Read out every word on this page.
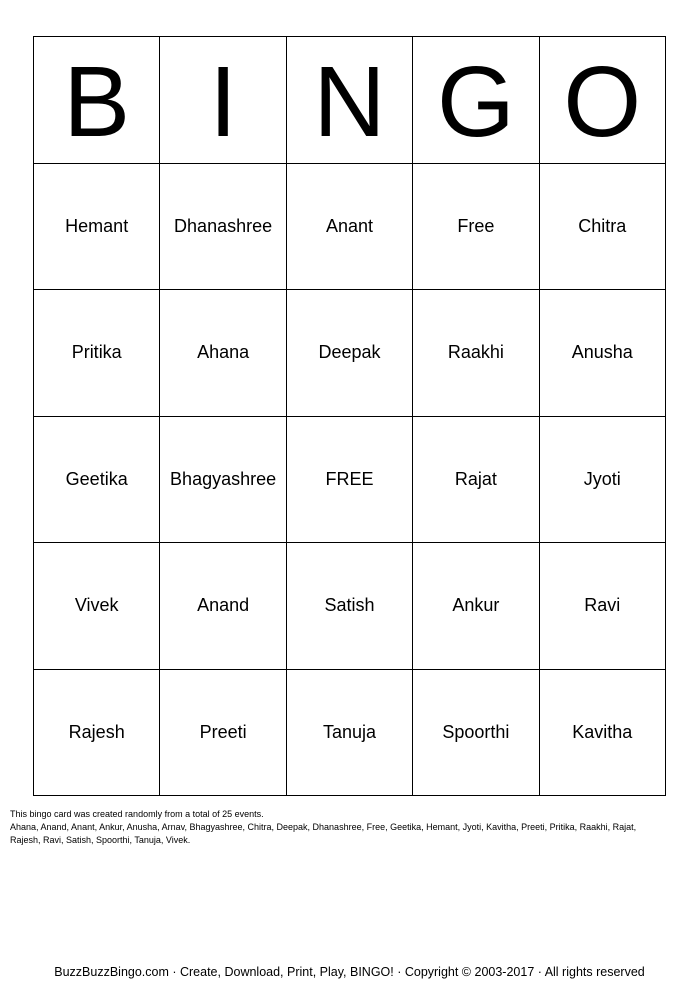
B I N G O
Hemant	Dhanashree	Anant	Free	Chitra
Pritika	Ahana	Deepak	Raakhi	Anusha
Geetika	Bhagyashree	FREE	Rajat	Jyoti
Vivek	Anand	Satish	Ankur	Ravi
Rajesh	Preeti	Tanuja	Spoorthi	Kavitha
This bingo card was created randomly from a total of 25 events.
Ahana, Anand, Anant, Ankur, Anusha, Arnav, Bhagyashree, Chitra, Deepak, Dhanashree, Free, Geetika, Hemant, Jyoti, Kavitha, Preeti, Pritika, Raakhi, Rajat,
Rajesh, Ravi, Satish, Spoorthi, Tanuja, Vivek.
BuzzBuzzBingo.com · Create, Download, Print, Play, BINGO! · Copyright © 2003-2017 · All rights reserved
